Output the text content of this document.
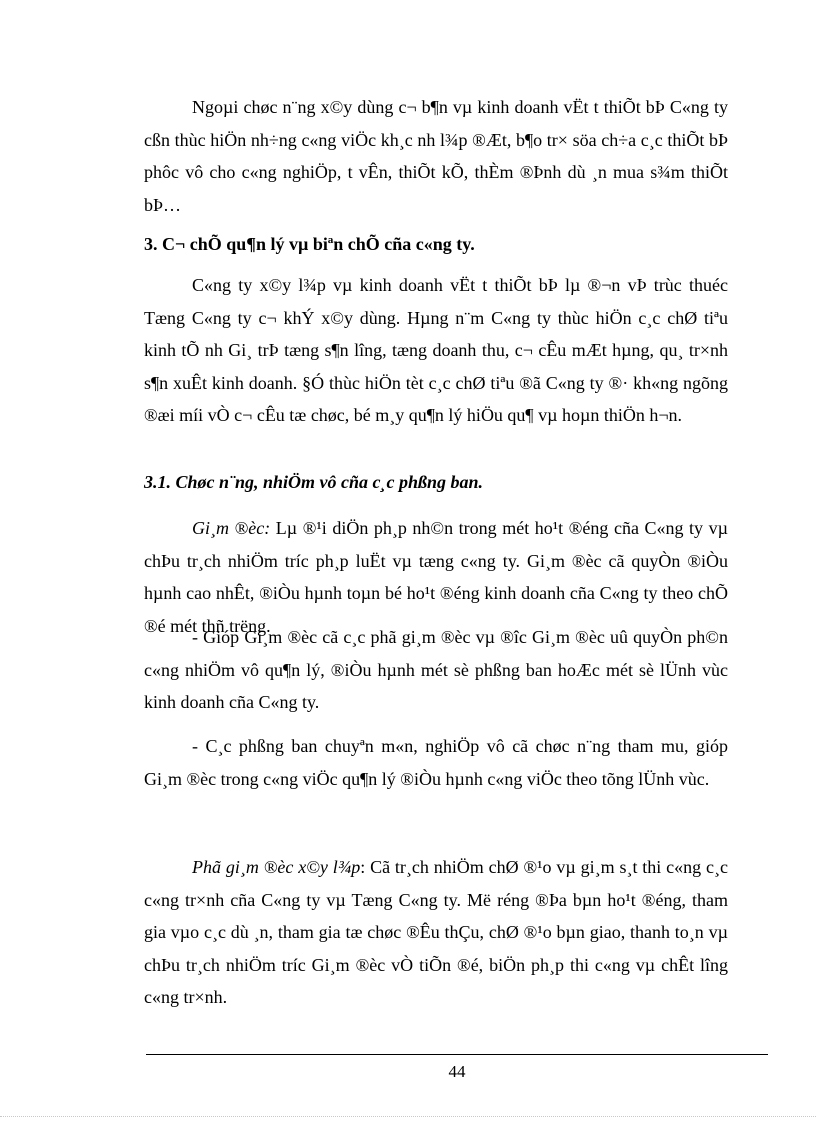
Ngoµi chøc n¨ng x©y dùng c¬ b¶n vµ kinh doanh vËt t thiÕt bÞ C«ng ty cßn thùc hiÖn nh÷ng c«ng viÖc kh¸c nh l¾p ®Æt, b¶o tr× söa ch÷a c¸c thiÕt bÞ phôc vô cho c«ng nghiÖp, t vÊn, thiÕt kÕ, thÈm ®Þnh dù ¸n mua s¾m thiÕt bÞ…

3. C¬ chÕ qu¶n lý vµ biªn chÕ cña c«ng ty.

C«ng ty x©y l¾p vµ kinh doanh vËt t thiÕt bÞ lµ ®¬n vÞ trùc thuéc Tæng C«ng ty c¬ khÝ x©y dùng. Hµng n¨m C«ng ty thùc hiÖn c¸c chØ tiªu kinh tÕ nh Gi¸ trÞ tæng s¶n lîng, tæng doanh thu, c¬ cÊu mÆt hµng, qu¸ tr×nh s¶n xuÊt kinh doanh. §Ó thùc hiÖn tèt c¸c chØ tiªu ®ã C«ng ty ®· kh«ng ngõng ®æi míi vÒ c¬ cÊu tæ chøc, bé m¸y qu¶n lý hiÖu qu¶ vµ hoµn thiÖn h¬n.

3.1. Chøc n¨ng, nhiÖm vô cña c¸c phßng ban.

Gi¸m ®èc: Lµ ®¹i diÖn ph¸p nh©n trong mét ho¹t ®éng cña C«ng ty vµ chÞu tr¸ch nhiÖm tríc ph¸p luËt vµ tæng c«ng ty. Gi¸m ®èc cã quyÒn ®iÒu hµnh cao nhÊt, ®iÒu hµnh toµn bé ho¹t ®éng kinh doanh cña C«ng ty theo chÕ ®é mét thñ trëng.

- Gióp Gi¸m ®èc cã c¸c phã gi¸m ®èc vµ ®îc Gi¸m ®èc uû quyÒn ph©n c«ng nhiÖm vô qu¶n lý, ®iÒu hµnh mét sè phßng ban hoÆc mét sè lÜnh vùc kinh doanh cña C«ng ty.

- C¸c phßng ban chuyªn m«n, nghiÖp vô cã chøc n¨ng tham mu, gióp Gi¸m ®èc trong c«ng viÖc qu¶n lý ®iÒu hµnh c«ng viÖc theo tõng lÜnh vùc.

Phã gi¸m ®èc x©y l¾p: Cã tr¸ch nhiÖm chØ ®¹o vµ gi¸m s¸t thi c«ng c¸c c«ng tr×nh cña C«ng ty vµ Tæng C«ng ty. Më réng ®Þa bµn ho¹t ®éng, tham gia vµo c¸c dù ¸n, tham gia tæ chøc ®Êu thÇu, chØ ®¹o bµn giao, thanh to¸n vµ chÞu tr¸ch nhiÖm tríc Gi¸m ®èc vÒ tiÕn ®é, biÖn ph¸p thi c«ng vµ chÊt lîng c«ng tr×nh.

44
